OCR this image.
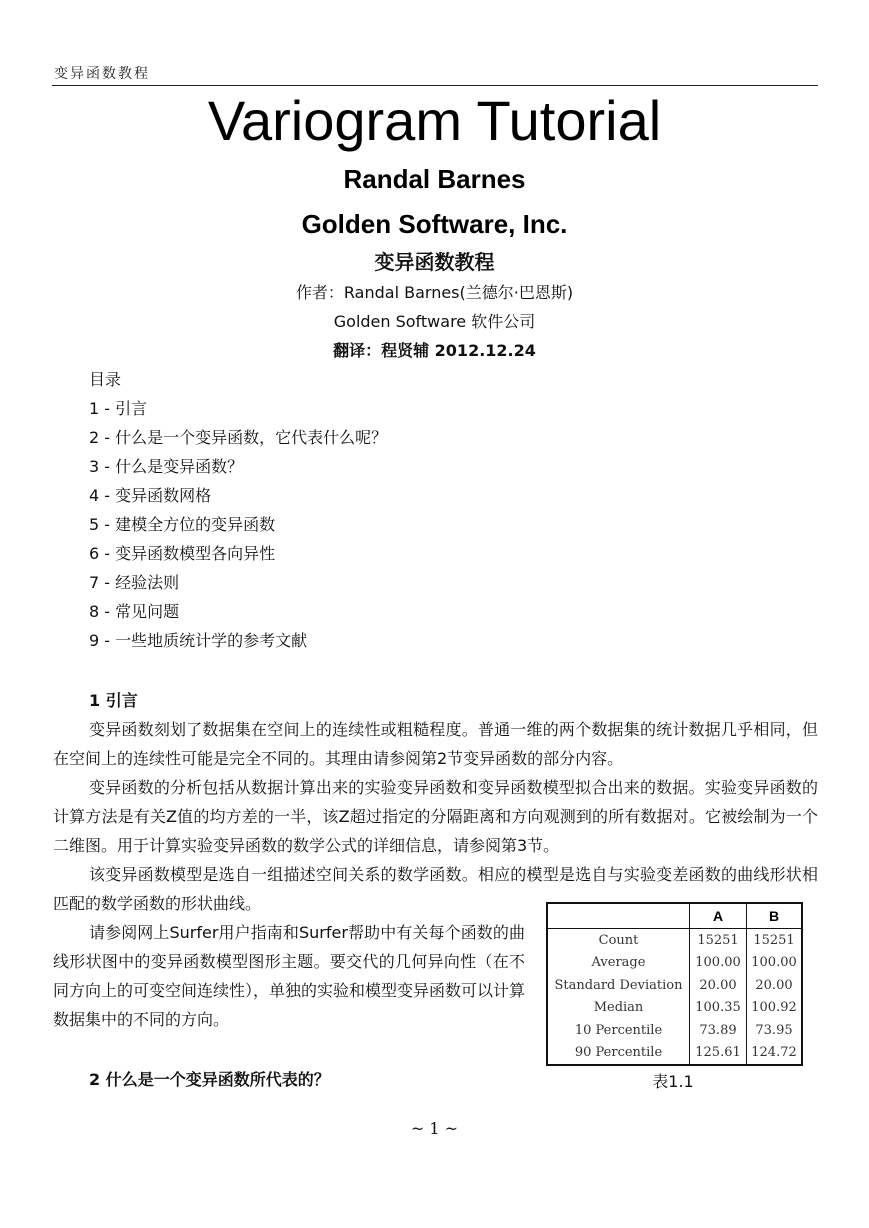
变异函数教程
Variogram Tutorial
Randal Barnes
Golden Software, Inc.
变异函数教程
作者：Randal Barnes(兰德尔·巴恩斯)
Golden Software 软件公司
翻译：程贤辅 2012.12.24
目录
1 - 引言
2 - 什么是一个变异函数，它代表什么呢？
3 - 什么是变异函数？
4 - 变异函数网格
5 - 建模全方位的变异函数
6 - 变异函数模型各向异性
7 - 经验法则
8 - 常见问题
9 - 一些地质统计学的参考文献
1 引言
变异函数刻划了数据集在空间上的连续性或粗糙程度。普通一维的两个数据集的统计数据几乎相同，但在空间上的连续性可能是完全不同的。其理由请参阅第2节变异函数的部分内容。
变异函数的分析包括从数据计算出来的实验变异函数和变异函数模型拟合出来的数据。实验变异函数的计算方法是有关Z值的均方差的一半，该Z超过指定的分隔距离和方向观测到的所有数据对。它被绘制为一个二维图。用于计算实验变异函数的数学公式的详细信息，请参阅第3节。
该变异函数模型是选自一组描述空间关系的数学函数。相应的模型是选自与实验变差函数的曲线形状相匹配的数学函数的形状曲线。
请参阅网上Surfer用户指南和Surfer帮助中有关每个函数的曲线形状图中的变异函数模型图形主题。要交代的几何异向性（在不同方向上的可变空间连续性），单独的实验和模型变异函数可以计算数据集中的不同的方向。
	A	B
Count	15251	15251
Average	100.00	100.00
Standard Deviation	20.00	20.00
Median	100.35	100.92
10 Percentile	73.89	73.95
90 Percentile	125.61	124.72
表1.1
2 什么是一个变异函数所代表的？
~ 1 ~
